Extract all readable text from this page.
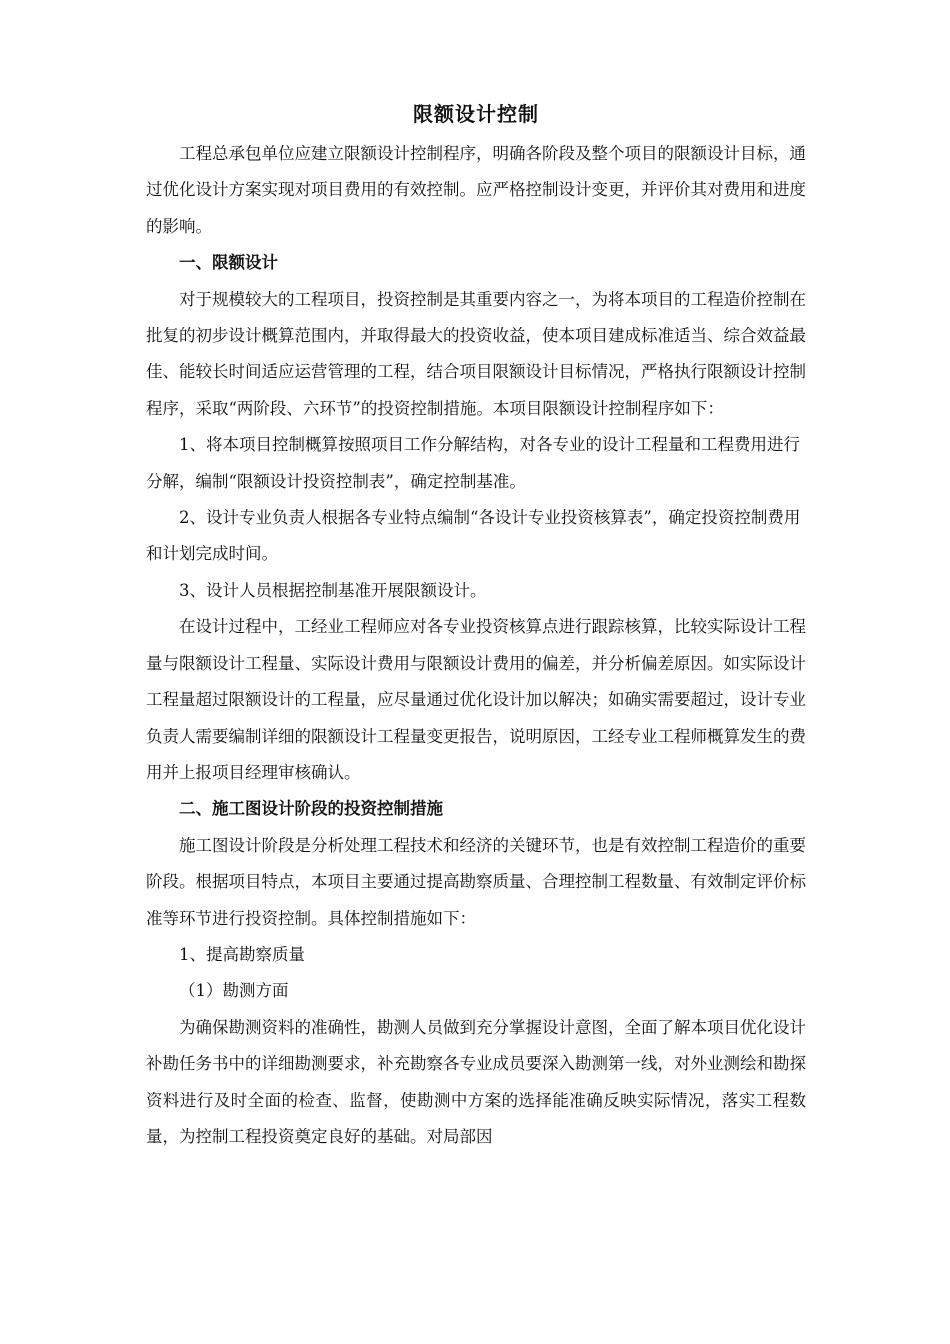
限额设计控制

工程总承包单位应建立限额设计控制程序，明确各阶段及整个项目的限额设计目标，通过优化设计方案实现对项目费用的有效控制。应严格控制设计变更，并评价其对费用和进度的影响。

一、限额设计

对于规模较大的工程项目，投资控制是其重要内容之一，为将本项目的工程造价控制在批复的初步设计概算范围内，并取得最大的投资收益，使本项目建成标准适当、综合效益最佳、能较长时间适应运营管理的工程，结合项目限额设计目标情况，严格执行限额设计控制程序，采取“两阶段、六环节”的投资控制措施。本项目限额设计控制程序如下：

1、将本项目控制概算按照项目工作分解结构，对各专业的设计工程量和工程费用进行分解，编制“限额设计投资控制表”，确定控制基准。

2、设计专业负责人根据各专业特点编制“各设计专业投资核算表”，确定投资控制费用和计划完成时间。

3、设计人员根据控制基准开展限额设计。

在设计过程中，工经业工程师应对各专业投资核算点进行跟踪核算，比较实际设计工程量与限额设计工程量、实际设计费用与限额设计费用的偏差，并分析偏差原因。如实际设计工程量超过限额设计的工程量，应尽量通过优化设计加以解决；如确实需要超过，设计专业负责人需要编制详细的限额设计工程量变更报告，说明原因，工经专业工程师概算发生的费用并上报项目经理审核确认。

二、施工图设计阶段的投资控制措施

施工图设计阶段是分析处理工程技术和经济的关键环节，也是有效控制工程造价的重要阶段。根据项目特点，本项目主要通过提高勘察质量、合理控制工程数量、有效制定评价标准等环节进行投资控制。具体控制措施如下：

1、提高勘察质量

（1）勘测方面

为确保勘测资料的准确性，勘测人员做到充分掌握设计意图，全面了解本项目优化设计补勘任务书中的详细勘测要求，补充勘察各专业成员要深入勘测第一线，对外业测绘和勘探资料进行及时全面的检查、监督，使勘测中方案的选择能准确反映实际情况，落实工程数量，为控制工程投资奠定良好的基础。对局部因
